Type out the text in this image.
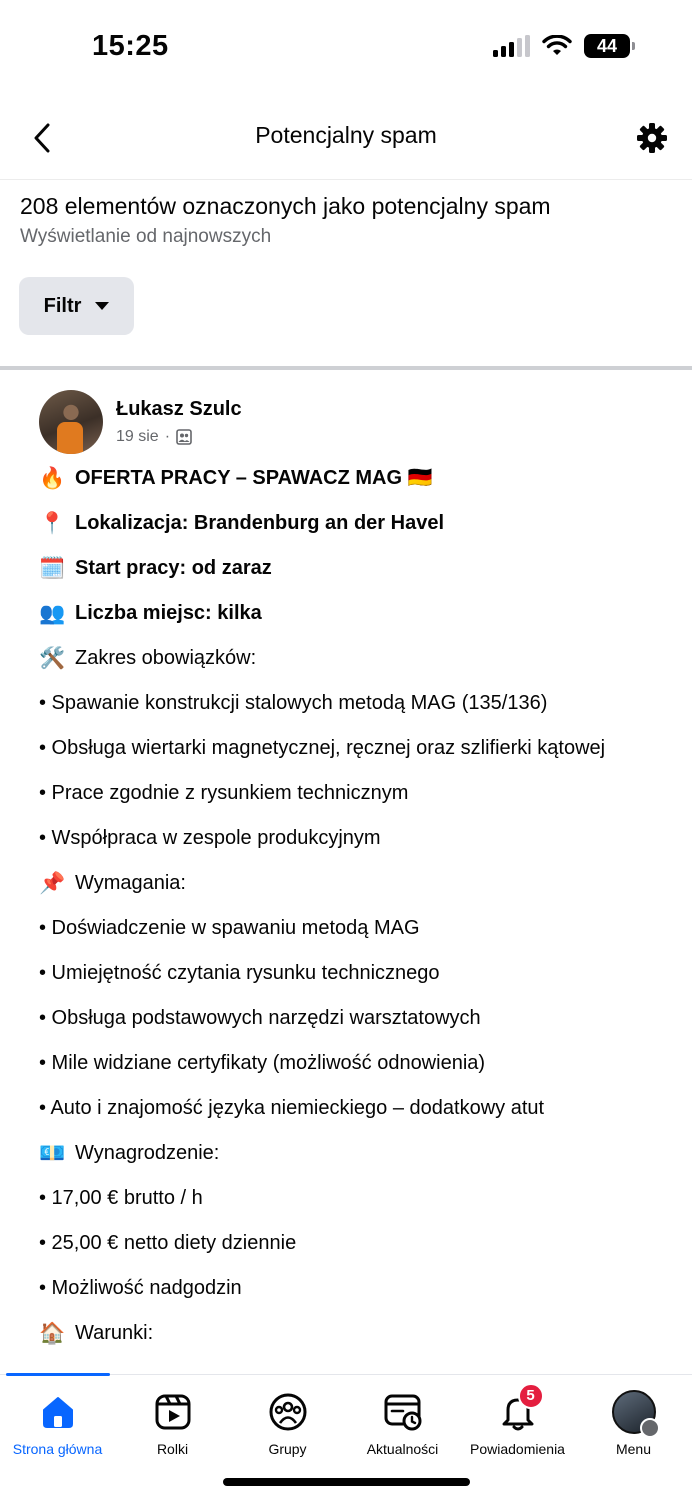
15:25	44
Potencjalny spam
208 elementów oznaczonych jako potencjalny spam
Wyświetlanie od najnowszych
Filtr
Łukasz Szulc
19 sie ·
🔥 OFERTA PRACY – SPAWACZ MAG 🇩🇪
📍 Lokalizacja: Brandenburg an der Havel
🗓️ Start pracy: od zaraz
👥 Liczba miejsc: kilka
🛠️ Zakres obowiązków:
• Spawanie konstrukcji stalowych metodą MAG (135/136)
• Obsługa wiertarki magnetycznej, ręcznej oraz szlifierki kątowej
• Prace zgodnie z rysunkiem technicznym
• Współpraca w zespole produkcyjnym
📌 Wymagania:
• Doświadczenie w spawaniu metodą MAG
• Umiejętność czytania rysunku technicznego
• Obsługa podstawowych narzędzi warsztatowych
• Mile widziane certyfikaty (możliwość odnowienia)
• Auto i znajomość języka niemieckiego – dodatkowy atut
💶 Wynagrodzenie:
• 17,00 € brutto / h
• 25,00 € netto diety dziennie
• Możliwość nadgodzin
🏠 Warunki:
Strona główna	Rolki	Grupy	Aktualności
5
Powiadomienia	Menu
